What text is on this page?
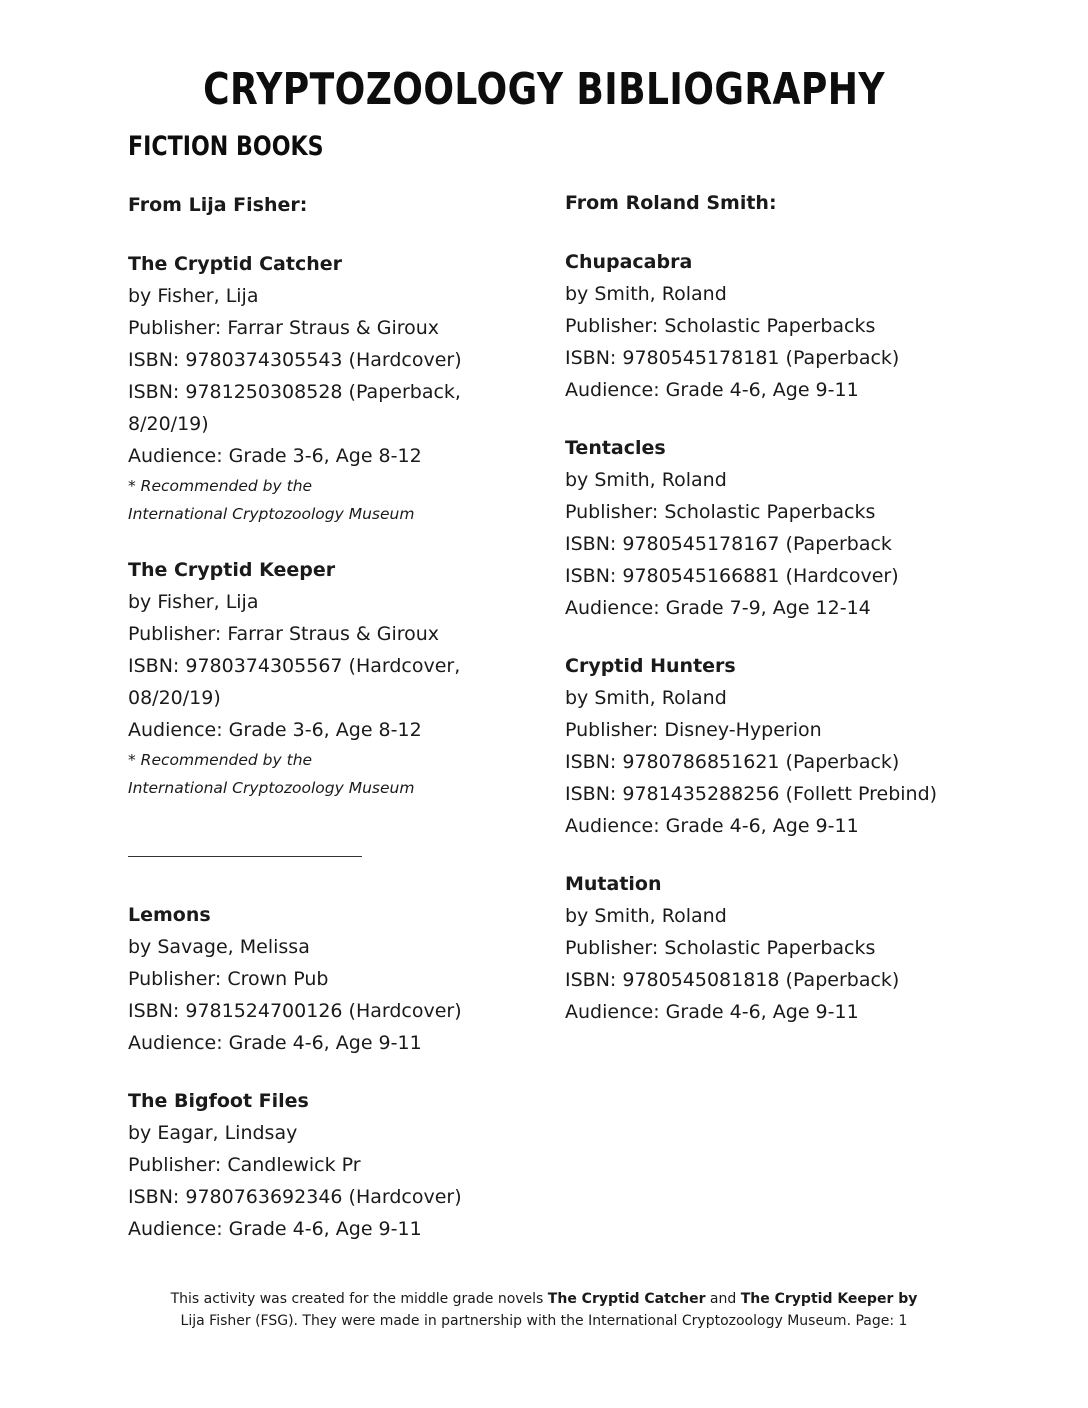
CRYPTOZOOLOGY BIBLIOGRAPHY
FICTION BOOKS
From Lija Fisher:
The Cryptid Catcher
by Fisher, Lija
Publisher: Farrar Straus & Giroux
ISBN: 9780374305543 (Hardcover)
ISBN: 9781250308528 (Paperback, 8/20/19)
Audience: Grade 3-6, Age 8-12
* Recommended by the
International Cryptozoology Museum
The Cryptid Keeper
by Fisher, Lija
Publisher: Farrar Straus & Giroux
ISBN: 9780374305567 (Hardcover, 08/20/19)
Audience: Grade 3-6, Age 8-12
* Recommended by the
International Cryptozoology Museum
Lemons
by Savage, Melissa
Publisher: Crown Pub
ISBN: 9781524700126 (Hardcover)
Audience: Grade 4-6, Age 9-11
The Bigfoot Files
by Eagar, Lindsay
Publisher: Candlewick Pr
ISBN: 9780763692346 (Hardcover)
Audience: Grade 4-6, Age 9-11
From Roland Smith:
Chupacabra
by Smith, Roland
Publisher: Scholastic Paperbacks
ISBN: 9780545178181 (Paperback)
Audience: Grade 4-6, Age 9-11
Tentacles
by Smith, Roland
Publisher: Scholastic Paperbacks
ISBN: 9780545178167 (Paperback
ISBN: 9780545166881 (Hardcover)
Audience: Grade 7-9, Age 12-14
Cryptid Hunters
by Smith, Roland
Publisher: Disney-Hyperion
ISBN: 9780786851621 (Paperback)
ISBN: 9781435288256 (Follett Prebind)
Audience: Grade 4-6, Age 9-11
Mutation
by Smith, Roland
Publisher: Scholastic Paperbacks
ISBN: 9780545081818 (Paperback)
Audience: Grade 4-6, Age 9-11
This activity was created for the middle grade novels The Cryptid Catcher and The Cryptid Keeper by
Lija Fisher (FSG). They were made in partnership with the International Cryptozoology Museum. Page: 1
